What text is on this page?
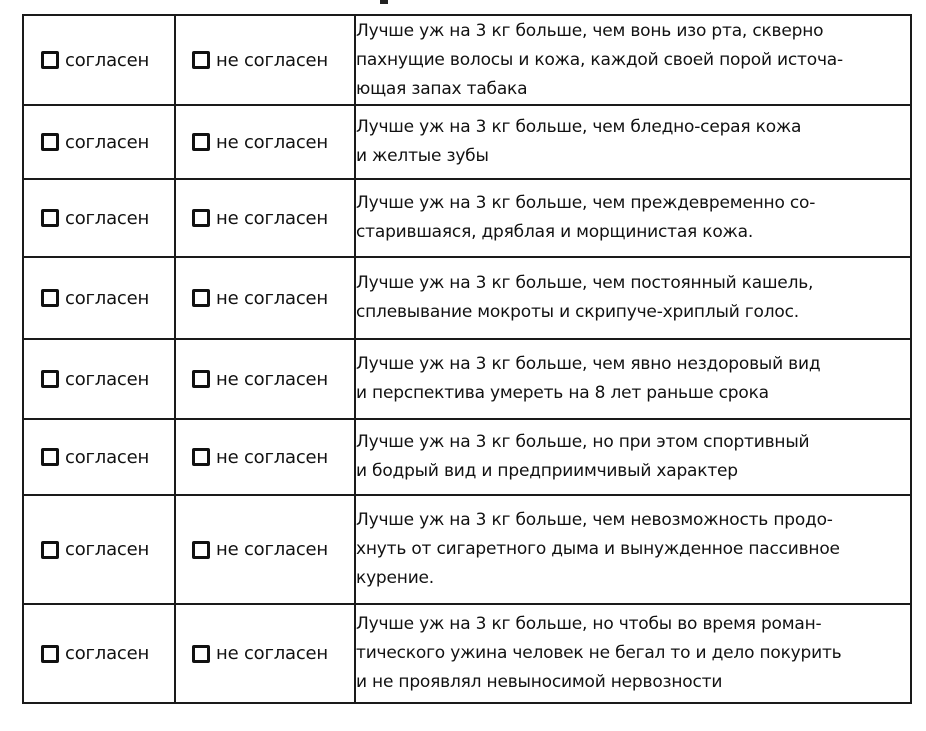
согласен	не согласен	Лучше уж на 3 кг больше, чем вонь изо рта, скверно
пахнущие волосы и кожа, каждой своей порой источа-
ющая запах табака

согласен	не согласен	Лучше уж на 3 кг больше, чем бледно-серая кожа
и желтые зубы

согласен	не согласен	Лучше уж на 3 кг больше, чем преждевременно со-
старившаяся, дряблая и морщинистая кожа.

согласен	не согласен	Лучше уж на 3 кг больше, чем постоянный кашель,
сплевывание мокроты и скрипуче-хриплый голос.

согласен	не согласен	Лучше уж на 3 кг больше, чем явно нездоровый вид
и перспектива умереть на 8 лет раньше срока

согласен	не согласен	Лучше уж на 3 кг больше, но при этом спортивный
и бодрый вид и предприимчивый характер

согласен	не согласен	Лучше уж на 3 кг больше, чем невозможность продо-
хнуть от сигаретного дыма и вынужденное пассивное
курение.

согласен	не согласен	Лучше уж на 3 кг больше, но чтобы во время роман-
тического ужина человек не бегал то и дело покурить
и не проявлял невыносимой нервозности
